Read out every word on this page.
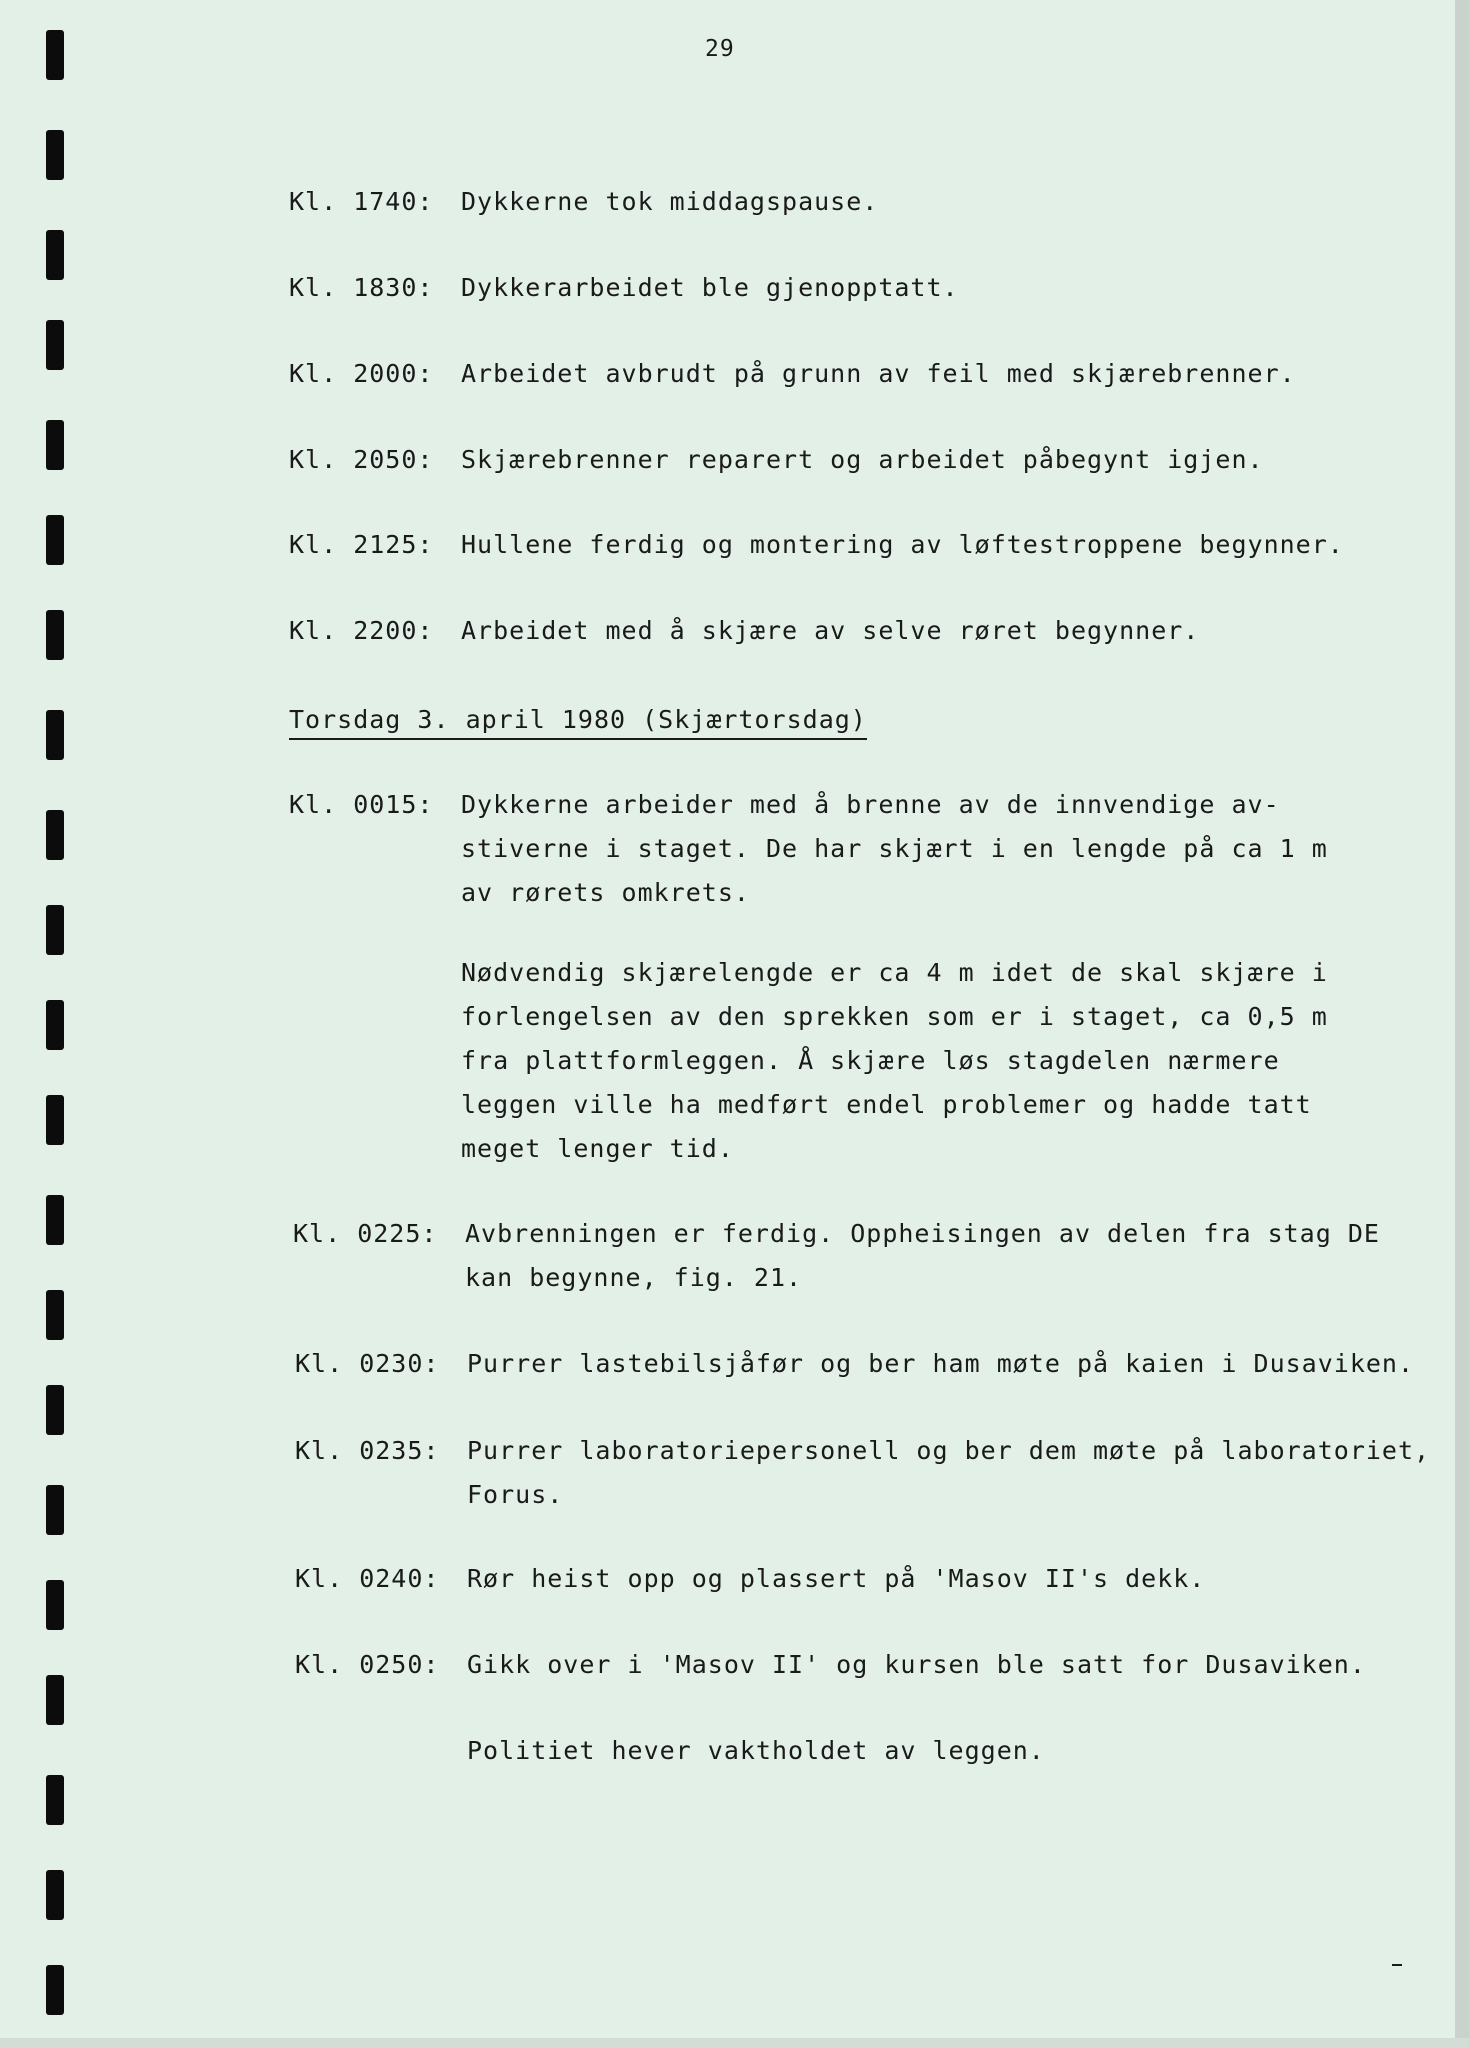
29
Kl. 1740: Dykkerne tok middagspause.
Kl. 1830: Dykkerarbeidet ble gjenopptatt.
Kl. 2000: Arbeidet avbrudt på grunn av feil med skjærebrenner.
Kl. 2050: Skjærebrenner reparert og arbeidet påbegynt igjen.
Kl. 2125: Hullene ferdig og montering av løftestroppene begynner.
Kl. 2200: Arbeidet med å skjære av selve røret begynner.
Torsdag 3. april 1980 (Skjærtorsdag)
Kl. 0015: Dykkerne arbeider med å brenne av de innvendige av-
stiverne i staget. De har skjært i en lengde på ca 1 m
av rørets omkrets.
Nødvendig skjærelengde er ca 4 m idet de skal skjære i
forlengelsen av den sprekken som er i staget, ca 0,5 m
fra plattformleggen. Å skjære løs stagdelen nærmere
leggen ville ha medført endel problemer og hadde tatt
meget lenger tid.
Kl. 0225: Avbrenningen er ferdig. Oppheisingen av delen fra stag DE
kan begynne, fig. 21.
Kl. 0230: Purrer lastebilsjåfør og ber ham møte på kaien i Dusaviken.
Kl. 0235: Purrer laboratoriepersonell og ber dem møte på laboratoriet,
Forus.
Kl. 0240: Rør heist opp og plassert på 'Masov II's dekk.
Kl. 0250: Gikk over i 'Masov II' og kursen ble satt for Dusaviken.
Politiet hever vaktholdet av leggen.
